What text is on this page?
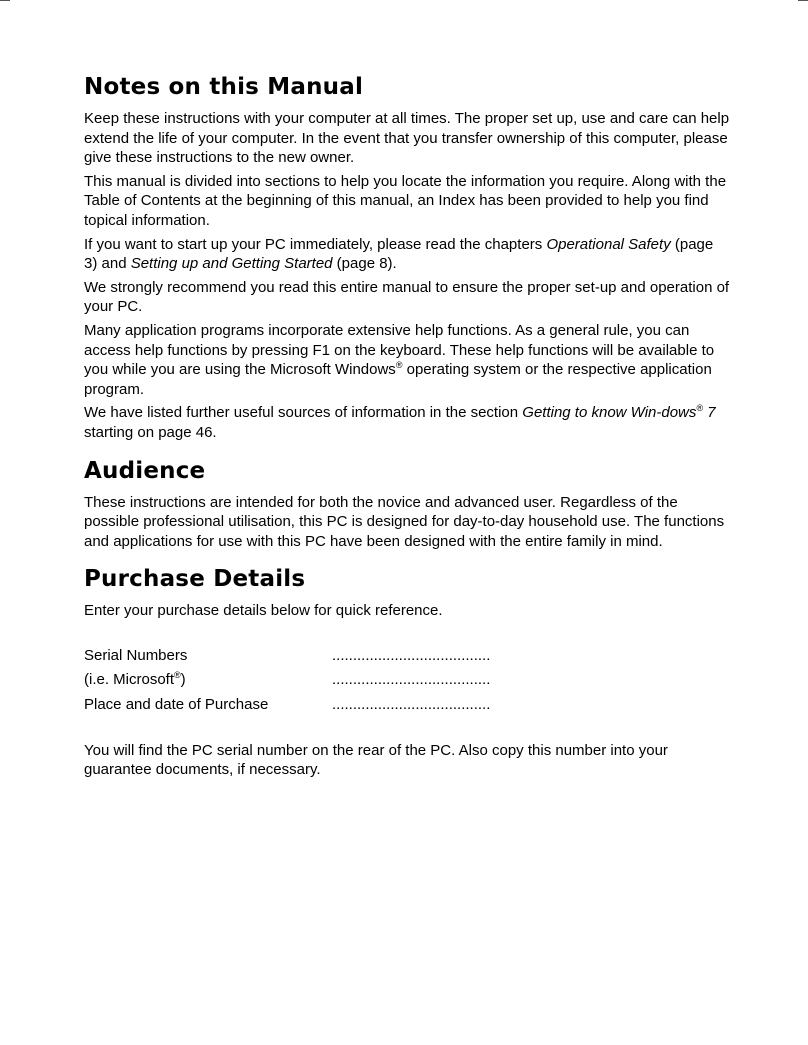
Notes on this Manual

Keep these instructions with your computer at all times. The proper set up, use and care can help extend the life of your computer. In the event that you transfer ownership of this computer, please give these instructions to the new owner.

This manual is divided into sections to help you locate the information you require. Along with the Table of Contents at the beginning of this manual, an Index has been provided to help you find topical information.

If you want to start up your PC immediately, please read the chapters Operational Safety (page 3) and Setting up and Getting Started (page 8).

We strongly recommend you read this entire manual to ensure the proper set-up and operation of your PC.

Many application programs incorporate extensive help functions. As a general rule, you can access help functions by pressing F1 on the keyboard. These help functions will be available to you while you are using the Microsoft Windows® operating system or the respective application program.

We have listed further useful sources of information in the section Getting to know Win-dows® 7 starting on page 46.

Audience

These instructions are intended for both the novice and advanced user. Regardless of the possible professional utilisation, this PC is designed for day-to-day household use. The functions and applications for use with this PC have been designed with the entire family in mind.

Purchase Details

Enter your purchase details below for quick reference.

Serial Numbers	......................................
(i.e. Microsoft®)	......................................
Place and date of Purchase	......................................

You will find the PC serial number on the rear of the PC. Also copy this number into your guarantee documents, if necessary.
